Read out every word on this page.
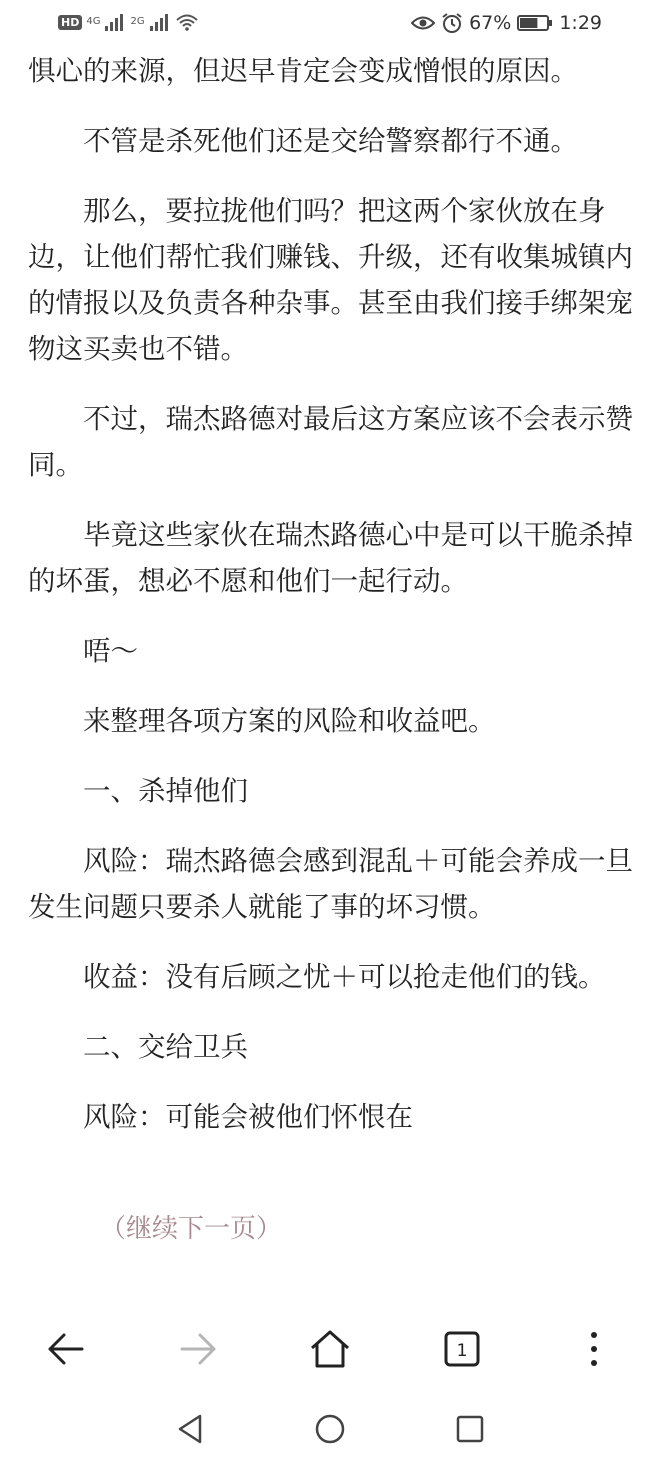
HD 4G	2G	67%	1:29

惧心的来源，但迟早肯定会变成憎恨的原因。

不管是杀死他们还是交给警察都行不通。

那么，要拉拢他们吗？把这两个家伙放在身边，让他们帮忙我们赚钱、升级，还有收集城镇内的情报以及负责各种杂事。甚至由我们接手绑架宠物这买卖也不错。

不过，瑞杰路德对最后这方案应该不会表示赞同。

毕竟这些家伙在瑞杰路德心中是可以干脆杀掉的坏蛋，想必不愿和他们一起行动。

唔～

来整理各项方案的风险和收益吧。

一、杀掉他们

风险：瑞杰路德会感到混乱＋可能会养成一旦发生问题只要杀人就能了事的坏习惯。

收益：没有后顾之忧＋可以抢走他们的钱。

二、交给卫兵

风险：可能会被他们怀恨在

（继续下一页）
1
